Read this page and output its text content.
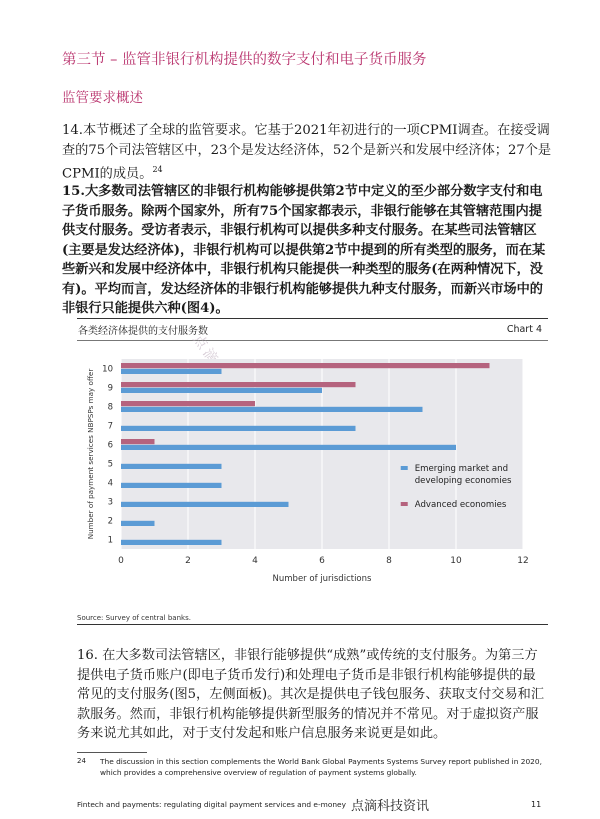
第三节 – 监管非银行机构提供的数字支付和电子货币服务
监管要求概述
14.本节概述了全球的监管要求。它基于2021年初进行的一项CPMI调查。在接受调查的75个司法管辖区中，23个是发达经济体，52个是新兴和发展中经济体；27个是CPMI的成员。$^{24}$
15.大多数司法管辖区的非银行机构能够提供第2节中定义的至少部分数字支付和电子货币服务。除两个国家外，所有75个国家都表示，非银行能够在其管辖范围内提供支付服务。受访者表示，非银行机构可以提供多种支付服务。在某些司法管辖区(主要是发达经济体)，非银行机构可以提供第2节中提到的所有类型的服务，而在某些新兴和发展中经济体中，非银行机构只能提供一种类型的服务(在两种情况下，没有)。平均而言，发达经济体的非银行机构能够提供九种支付服务，而新兴市场中的非银行只能提供六种(图4)。
各类经济体提供的支付服务数	Chart 4
0	2	4	6	8	10	12
1
2
3
4
5
6
7
8
9
10
Number of jurisdictions
Number of payment services NBPSPs may offer	Emerging market and
developing economies
Advanced economies
Source: Survey of central banks.
16. 在大多数司法管辖区，非银行能够提供“成熟”或传统的支付服务。为第三方提供电子货币账户(即电子货币发行)和处理电子货币是非银行机构能够提供的最常见的支付服务(图5，左侧面板)。其次是提供电子钱包服务、获取支付交易和汇款服务。然而，非银行机构能够提供新型服务的情况并不常见。对于虚拟资产服务来说尤其如此，对于支付发起和账户信息服务来说更是如此。
24 The discussion in this section complements the World Bank Global Payments Systems Survey report published in 2020, which provides a comprehensive overview of regulation of payment systems globally.
Fintech and payments: regulating digital payment services and e-money 点滴科技资讯	11
